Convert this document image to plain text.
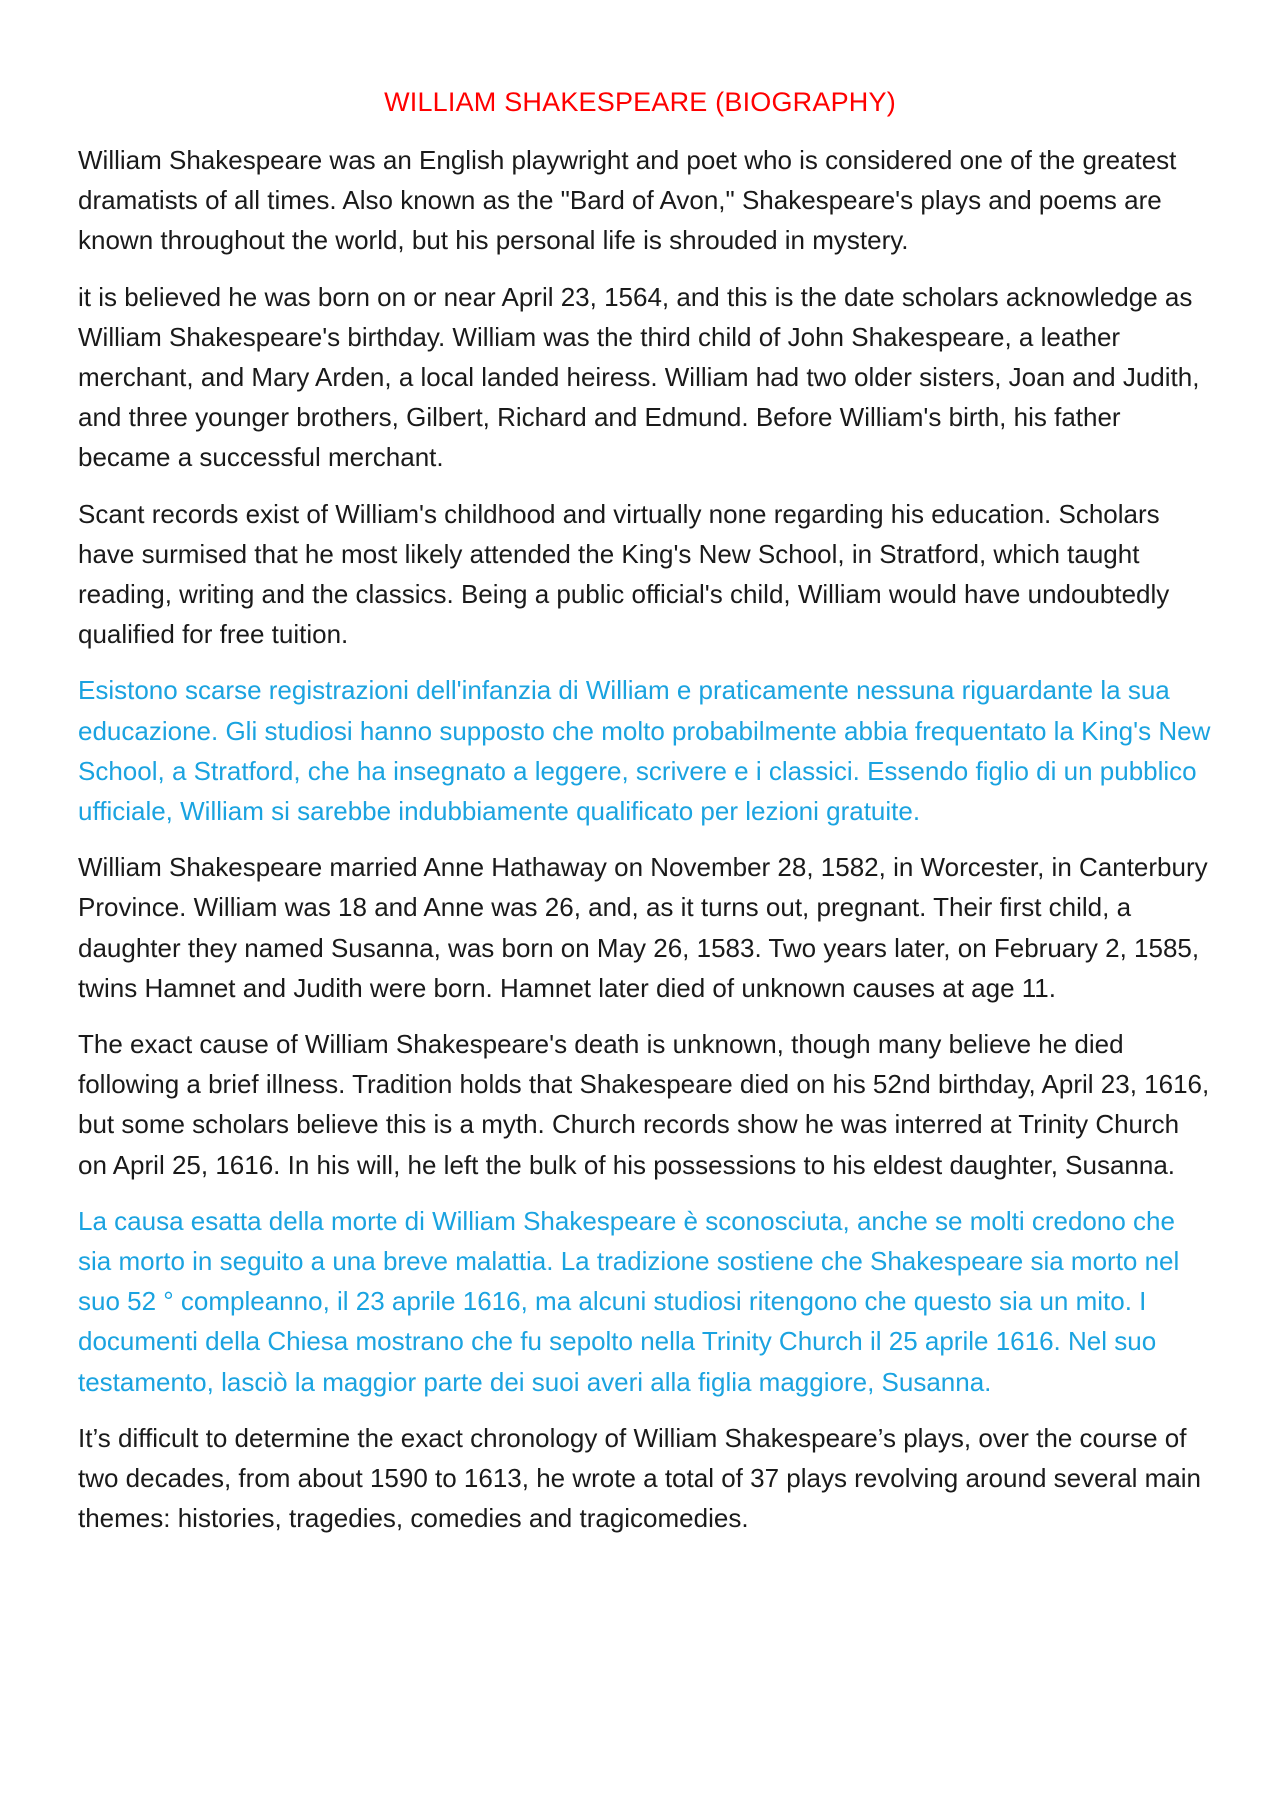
WILLIAM SHAKESPEARE (BIOGRAPHY)

William Shakespeare was an English playwright and poet who is considered one of the greatest dramatists of all times. Also known as the "Bard of Avon," Shakespeare's plays and poems are known throughout the world, but his personal life is shrouded in mystery.

it is believed he was born on or near April 23, 1564, and this is the date scholars acknowledge as William Shakespeare's birthday. William was the third child of John Shakespeare, a leather merchant, and Mary Arden, a local landed heiress. William had two older sisters, Joan and Judith, and three younger brothers, Gilbert, Richard and Edmund. Before William's birth, his father became a successful merchant.

Scant records exist of William's childhood and virtually none regarding his education. Scholars have surmised that he most likely attended the King's New School, in Stratford, which taught reading, writing and the classics. Being a public official's child, William would have undoubtedly qualified for free tuition.

Esistono scarse registrazioni dell'infanzia di William e praticamente nessuna riguardante la sua educazione. Gli studiosi hanno supposto che molto probabilmente abbia frequentato la King's New School, a Stratford, che ha insegnato a leggere, scrivere e i classici. Essendo figlio di un pubblico ufficiale, William si sarebbe indubbiamente qualificato per lezioni gratuite.

William Shakespeare married Anne Hathaway on November 28, 1582, in Worcester, in Canterbury Province. William was 18 and Anne was 26, and, as it turns out, pregnant. Their first child, a daughter they named Susanna, was born on May 26, 1583. Two years later, on February 2, 1585, twins Hamnet and Judith were born. Hamnet later died of unknown causes at age 11.

The exact cause of William Shakespeare's death is unknown, though many believe he died following a brief illness. Tradition holds that Shakespeare died on his 52nd birthday, April 23, 1616, but some scholars believe this is a myth. Church records show he was interred at Trinity Church on April 25, 1616. In his will, he left the bulk of his possessions to his eldest daughter, Susanna.

La causa esatta della morte di William Shakespeare è sconosciuta, anche se molti credono che sia morto in seguito a una breve malattia. La tradizione sostiene che Shakespeare sia morto nel suo 52 ° compleanno, il 23 aprile 1616, ma alcuni studiosi ritengono che questo sia un mito. I documenti della Chiesa mostrano che fu sepolto nella Trinity Church il 25 aprile 1616. Nel suo testamento, lasciò la maggior parte dei suoi averi alla figlia maggiore, Susanna.

It’s difficult to determine the exact chronology of William Shakespeare’s plays, over the course of two decades, from about 1590 to 1613, he wrote a total of 37 plays revolving around several main themes: histories, tragedies, comedies and tragicomedies.
